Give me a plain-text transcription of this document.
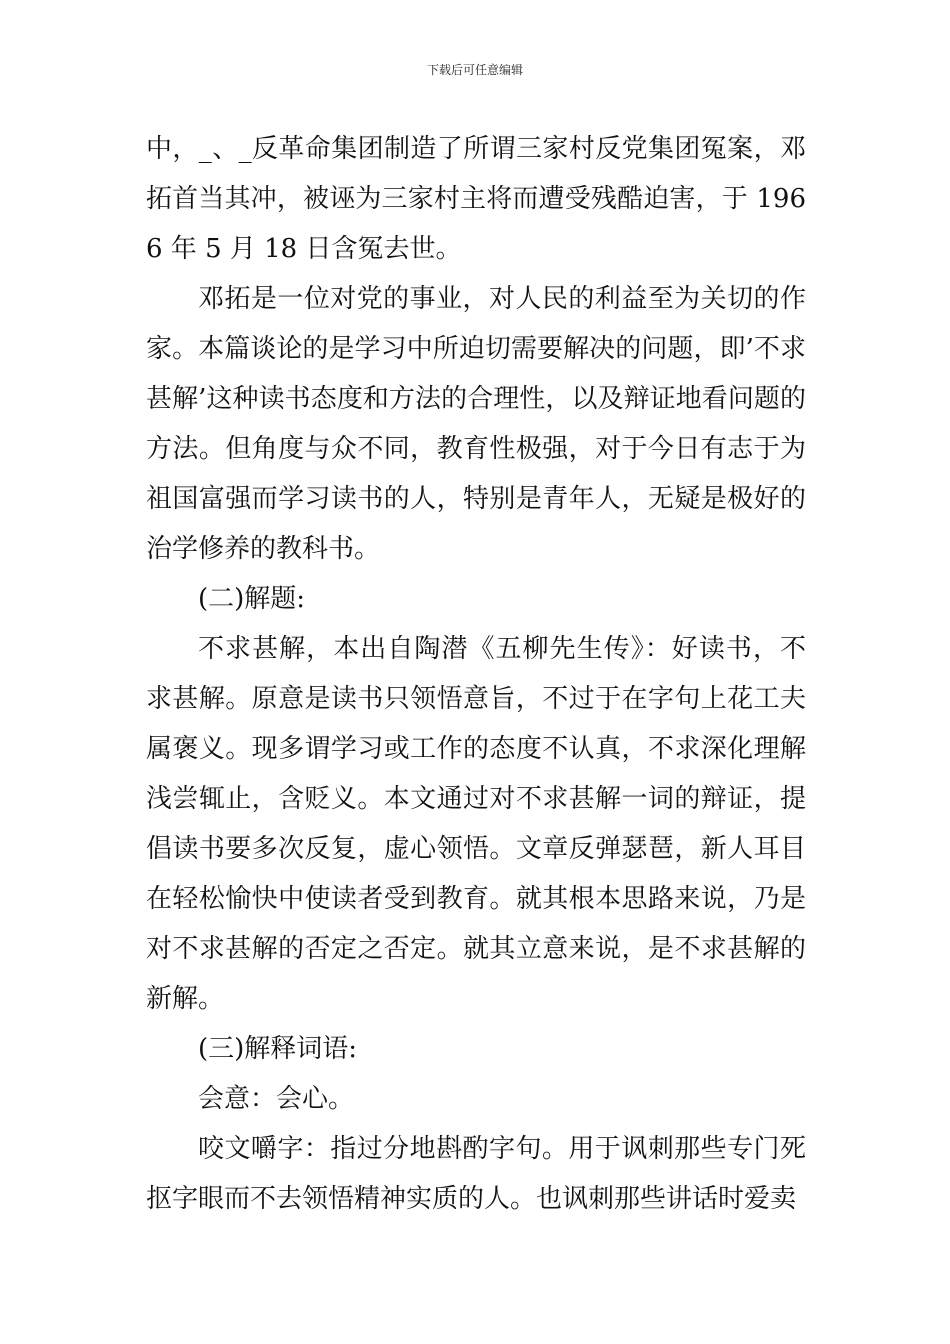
下载后可任意编辑

中，_、_反革命集团制造了所谓三家村反党集团冤案，邓拓首当其冲，被诬为三家村主将而遭受残酷迫害，于 1966 年 5 月 18 日含冤去世。

邓拓是一位对党的事业，对人民的利益至为关切的作家。本篇谈论的是学习中所迫切需要解决的问题，即’不求甚解’这种读书态度和方法的合理性，以及辩证地看问题的方法。但角度与众不同，教育性极强，对于今日有志于为祖国富强而学习读书的人，特别是青年人，无疑是极好的治学修养的教科书。

(二)解题:

不求甚解，本出自陶潜《五柳先生传》：好读书，不求甚解。原意是读书只领悟意旨，不过于在字句上花工夫属褒义。现多谓学习或工作的态度不认真，不求深化理解浅尝辄止，含贬义。本文通过对不求甚解一词的辩证，提倡读书要多次反复，虚心领悟。文章反弹瑟琶，新人耳目在轻松愉快中使读者受到教育。就其根本思路来说，乃是对不求甚解的否定之否定。就其立意来说，是不求甚解的新解。

(三)解释词语:

会意：会心。

咬文嚼字：指过分地斟酌字句。用于讽刺那些专门死抠字眼而不去领悟精神实质的人。也讽刺那些讲话时爱卖
